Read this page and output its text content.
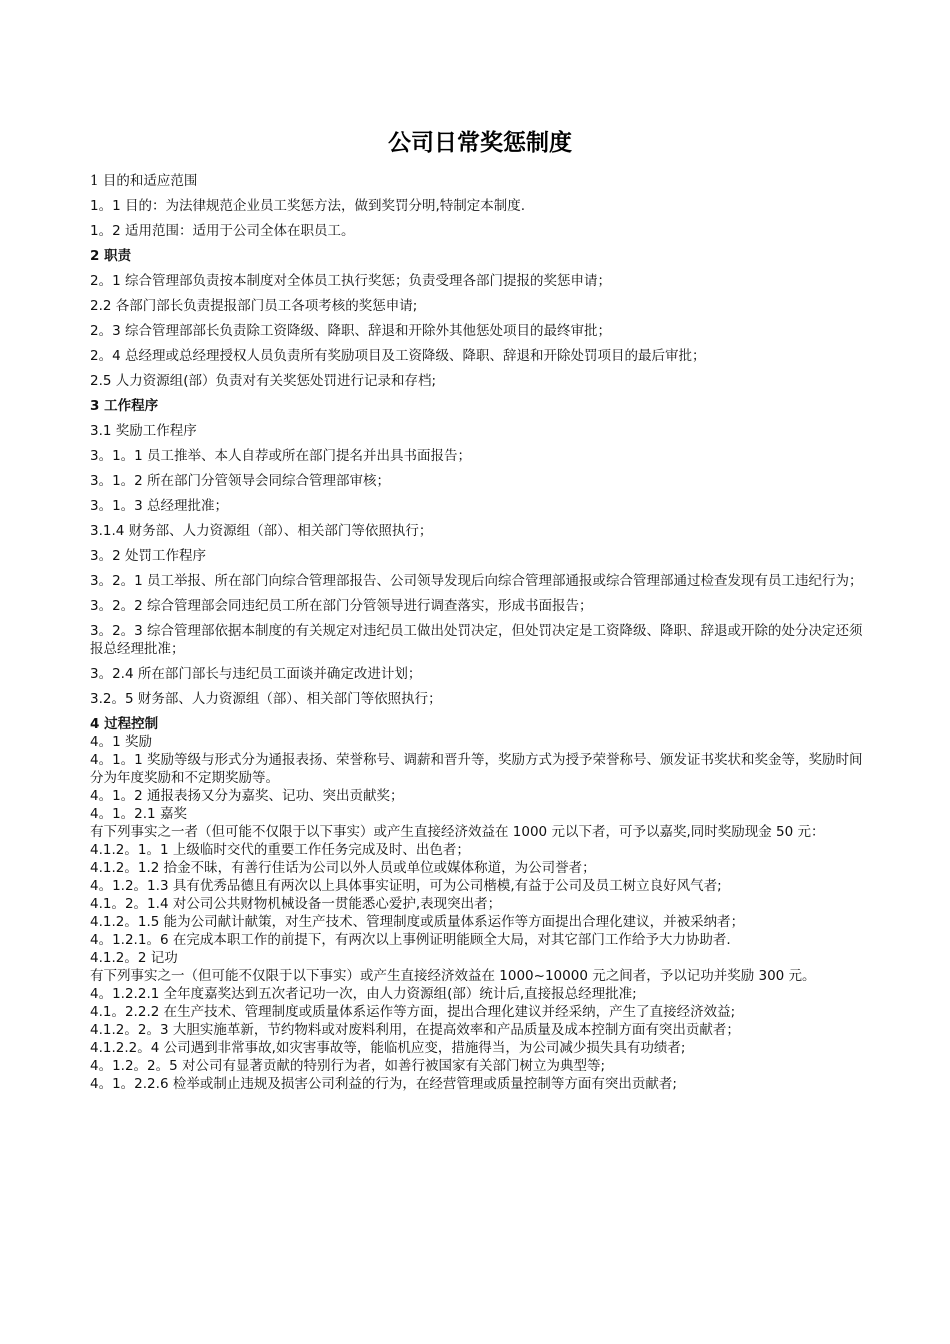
公司日常奖惩制度
1 目的和适应范围
1。1 目的：为法律规范企业员工奖惩方法，做到奖罚分明,特制定本制度.
1。2 适用范围：适用于公司全体在职员工。
2 职责
2。1 综合管理部负责按本制度对全体员工执行奖惩；负责受理各部门提报的奖惩申请；
2.2 各部门部长负责提报部门员工各项考核的奖惩申请;
2。3 综合管理部部长负责除工资降级、降职、辞退和开除外其他惩处项目的最终审批；
2。4 总经理或总经理授权人员负责所有奖励项目及工资降级、降职、辞退和开除处罚项目的最后审批；
2.5 人力资源组(部）负责对有关奖惩处罚进行记录和存档;
3 工作程序
3.1 奖励工作程序
3。1。1 员工推举、本人自荐或所在部门提名并出具书面报告；
3。1。2 所在部门分管领导会同综合管理部审核；
3。1。3 总经理批准；
3.1.4 财务部、人力资源组（部）、相关部门等依照执行；
3。2 处罚工作程序
3。2。1 员工举报、所在部门向综合管理部报告、公司领导发现后向综合管理部通报或综合管理部通过检查发现有员工违纪行为；
3。2。2 综合管理部会同违纪员工所在部门分管领导进行调查落实，形成书面报告；
3。2。3 综合管理部依据本制度的有关规定对违纪员工做出处罚决定，但处罚决定是工资降级、降职、辞退或开除的处分决定还须报总经理批准；
3。2.4 所在部门部长与违纪员工面谈并确定改进计划；
3.2。5 财务部、人力资源组（部）、相关部门等依照执行；
4 过程控制
4。1 奖励
4。1。1 奖励等级与形式分为通报表扬、荣誉称号、调薪和晋升等，奖励方式为授予荣誉称号、颁发证书奖状和奖金等，奖励时间分为年度奖励和不定期奖励等。
4。1。2 通报表扬又分为嘉奖、记功、突出贡献奖；
4。1。2.1 嘉奖
有下列事实之一者（但可能不仅限于以下事实）或产生直接经济效益在 1000 元以下者，可予以嘉奖,同时奖励现金 50 元：
4.1.2。1。1 上级临时交代的重要工作任务完成及时、出色者；
4.1.2。1.2 拾金不昧，有善行佳话为公司以外人员或单位或媒体称道，为公司誉者；
4。1.2。1.3 具有优秀品德且有两次以上具体事实证明，可为公司楷模,有益于公司及员工树立良好风气者;
4.1。2。1.4 对公司公共财物机械设备一贯能悉心爱护,表现突出者；
4.1.2。1.5 能为公司献计献策，对生产技术、管理制度或质量体系运作等方面提出合理化建议，并被采纳者；
4。1.2.1。6 在完成本职工作的前提下，有两次以上事例证明能顾全大局，对其它部门工作给予大力协助者.
4.1.2。2 记功
有下列事实之一（但可能不仅限于以下事实）或产生直接经济效益在 1000~10000 元之间者，予以记功并奖励 300 元。
4。1.2.2.1 全年度嘉奖达到五次者记功一次，由人力资源组(部）统计后,直接报总经理批准;
4.1。2.2.2 在生产技术、管理制度或质量体系运作等方面，提出合理化建议并经采纳，产生了直接经济效益;
4.1.2。2。3 大胆实施革新，节约物料或对废料利用，在提高效率和产品质量及成本控制方面有突出贡献者；
4.1.2.2。4 公司遇到非常事故,如灾害事故等，能临机应变，措施得当，为公司减少损失具有功绩者;
4。1.2。2。5 对公司有显著贡献的特别行为者，如善行被国家有关部门树立为典型等;
4。1。2.2.6 检举或制止违规及损害公司利益的行为，在经营管理或质量控制等方面有突出贡献者;
